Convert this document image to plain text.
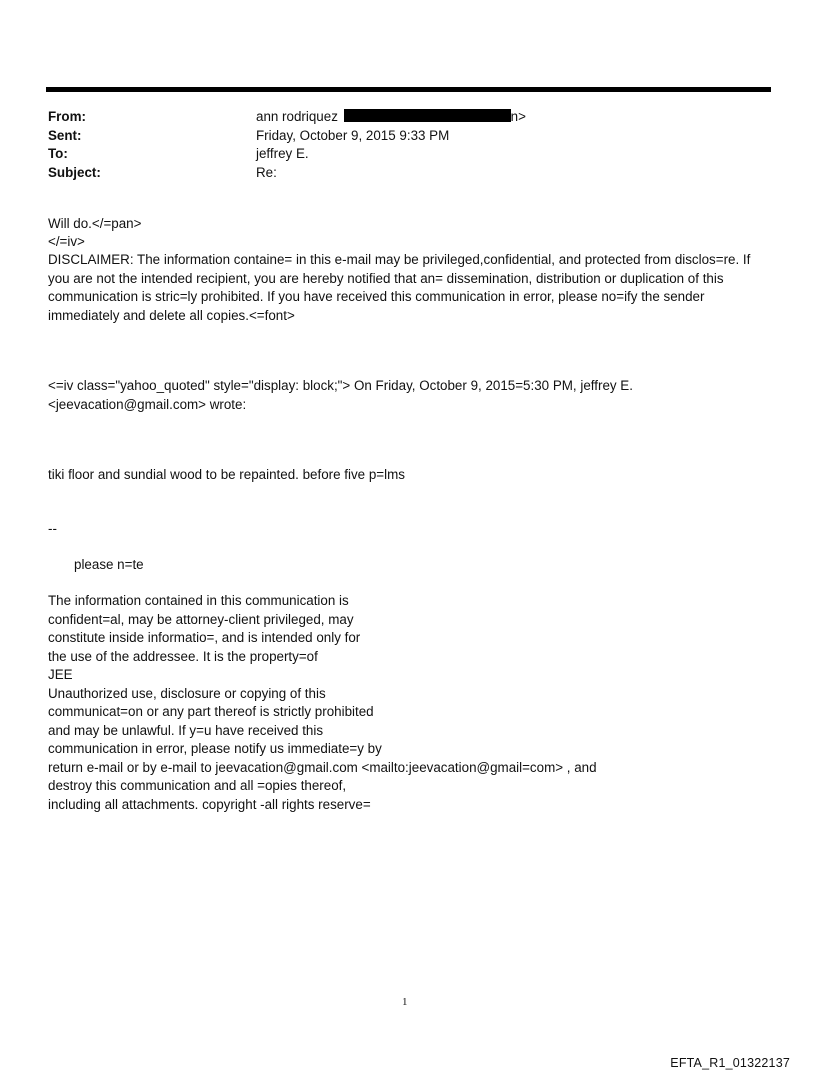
From:	ann rodriquez	n>
Sent:	Friday, October 9, 2015 9:33 PM
To:	jeffrey E.
Subject:	Re:
Will do.</=pan>
</=iv>
DISCLAIMER: The information containe= in this e-mail may be privileged,confidential, and protected from disclos=re. If
you are not the intended recipient, you are hereby notified that an= dissemination, distribution or duplication of this
communication is stric=ly prohibited. If you have received this communication in error, please no=ify the sender
immediately and delete all copies.<=font>
<=iv class="yahoo_quoted" style="display: block;"> On Friday, October 9, 2015=5:30 PM, jeffrey E.
<jeevacation@gmail.com> wrote:
tiki floor and sundial wood to be repainted. before five p=lms
--
please n=te
The information contained in this communication is
confident=al, may be attorney-client privileged, may
constitute inside informatio=, and is intended only for
the use of the addressee. It is the property=of
JEE
Unauthorized use, disclosure or copying of this
communicat=on or any part thereof is strictly prohibited
and may be unlawful. If y=u have received this
communication in error, please notify us immediate=y by
return e-mail or by e-mail to jeevacation@gmail.com <mailto:jeevacation@gmail=com> , and
destroy this communication and all =opies thereof,
including all attachments. copyright -all rights reserve=
1
EFTA_R1_01322137
